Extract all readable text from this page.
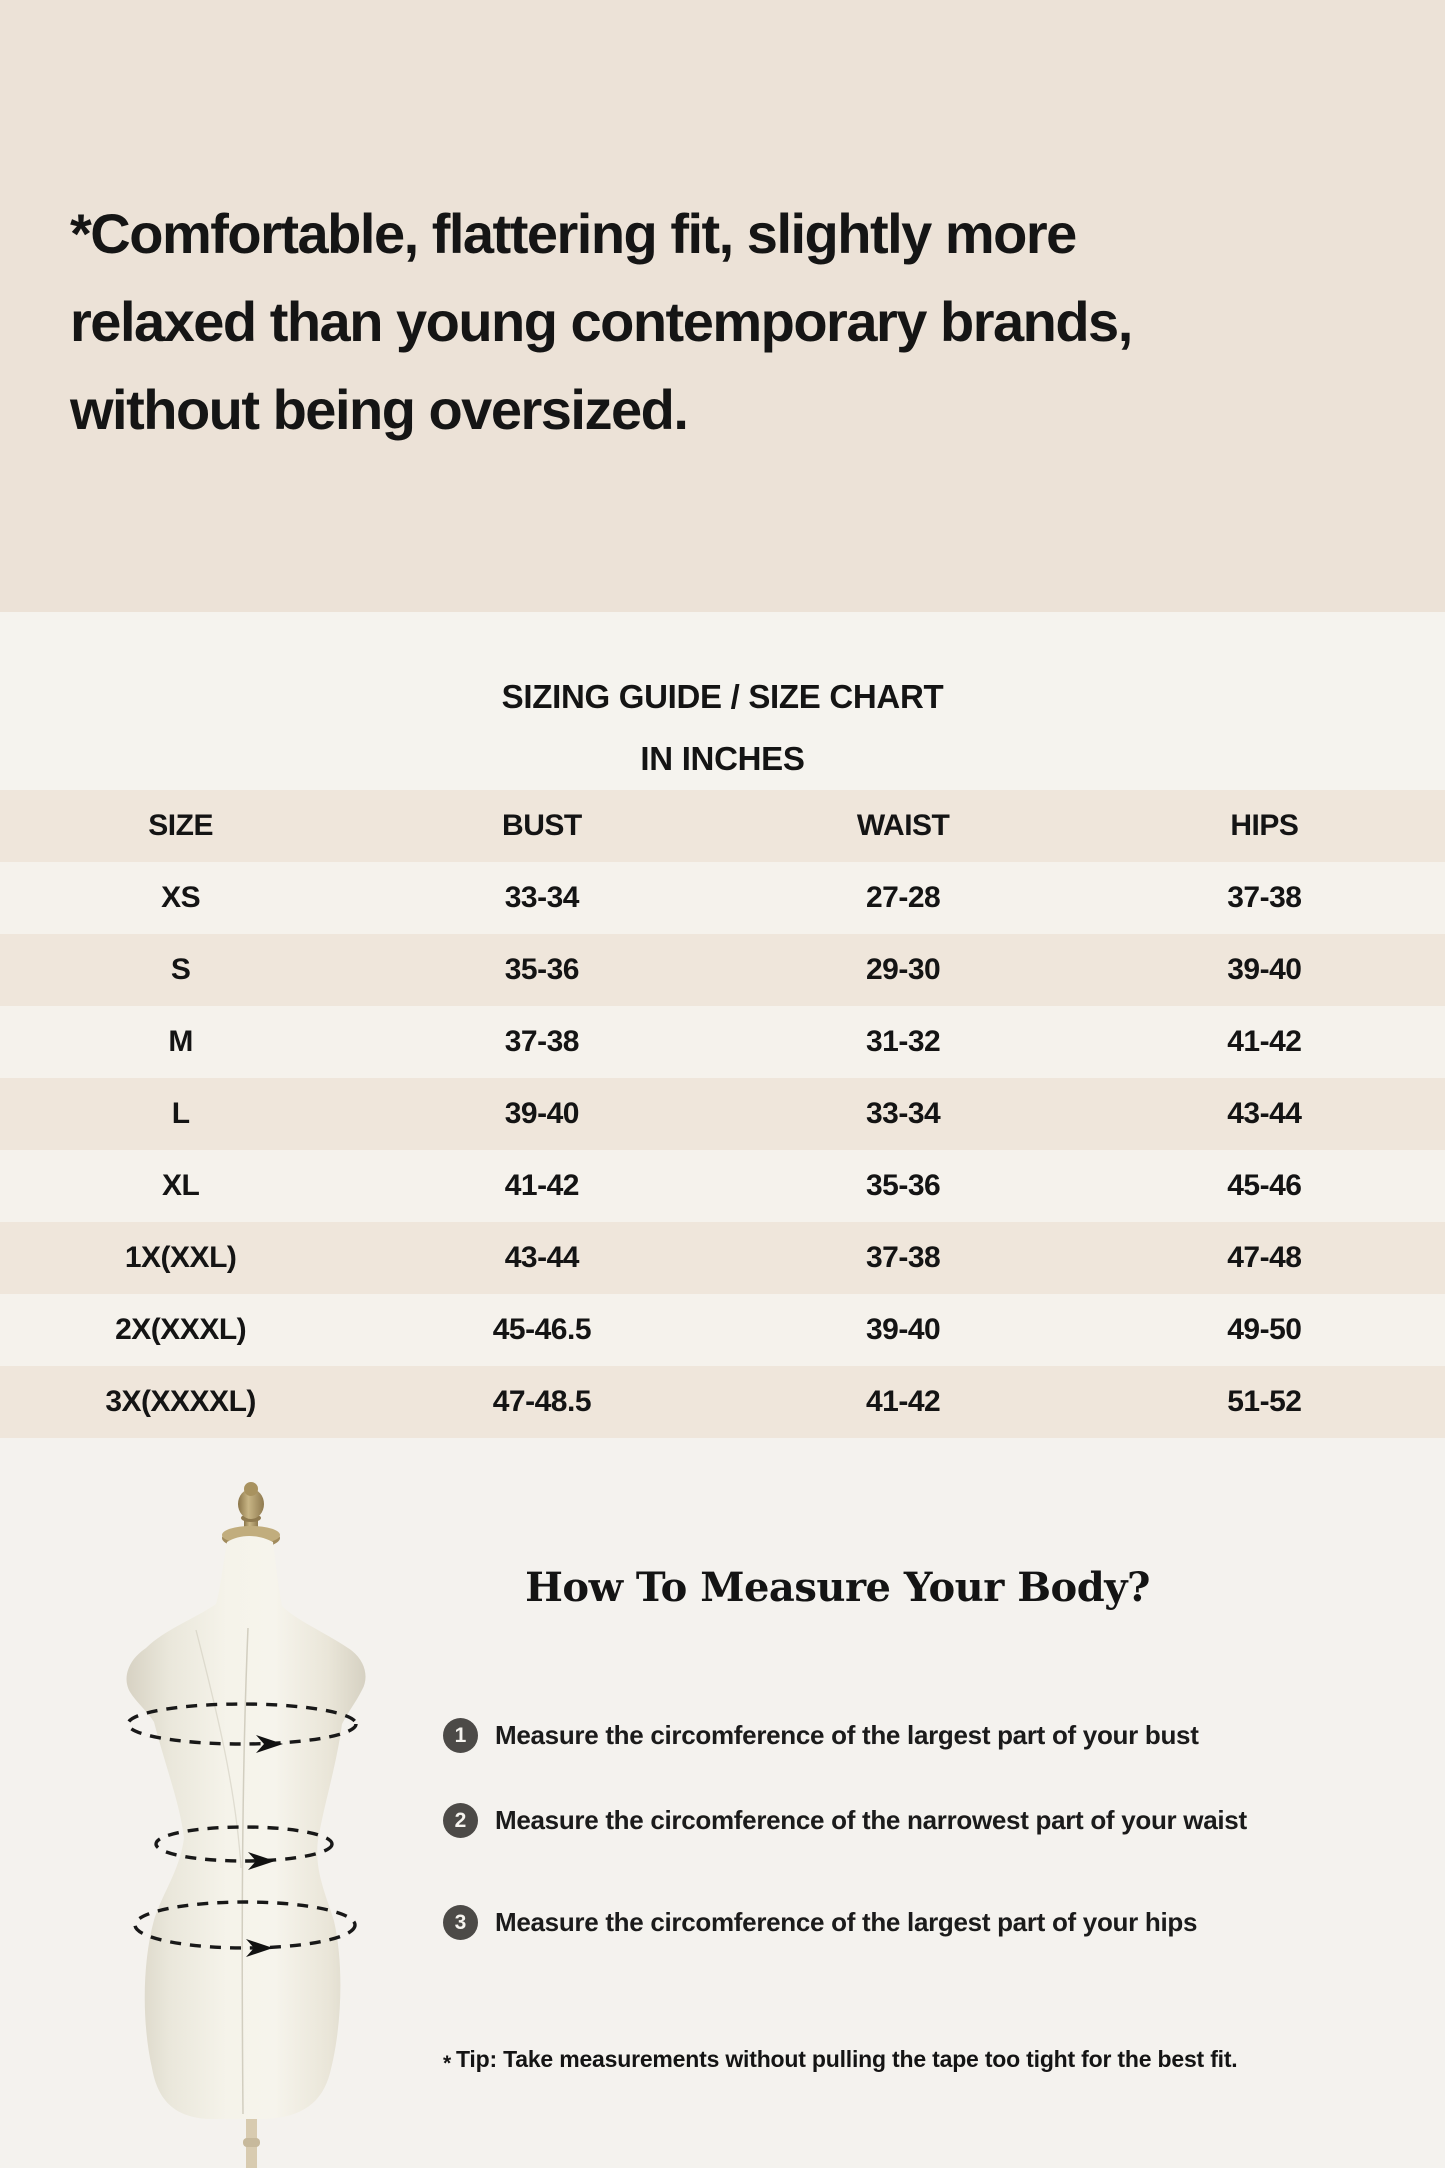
*Comfortable, flattering fit, slightly more
relaxed than young contemporary brands,
without being oversized.
SIZING GUIDE / SIZE CHART
IN INCHES
SIZE	BUST	WAIST	HIPS
XS	33-34	27-28	37-38
S	35-36	29-30	39-40
M	37-38	31-32	41-42
L	39-40	33-34	43-44
XL	41-42	35-36	45-46
1X(XXL)	43-44	37-38	47-48
2X(XXXL)	45-46.5	39-40	49-50
3X(XXXXL)	47-48.5	41-42	51-52
How To Measure Your Body?
1	Measure the circomference of the largest part of your bust
2	Measure the circomference of the narrowest part of your waist
3	Measure the circomference of the largest part of your hips
* Tip: Take measurements without pulling the tape too tight for the best fit.
